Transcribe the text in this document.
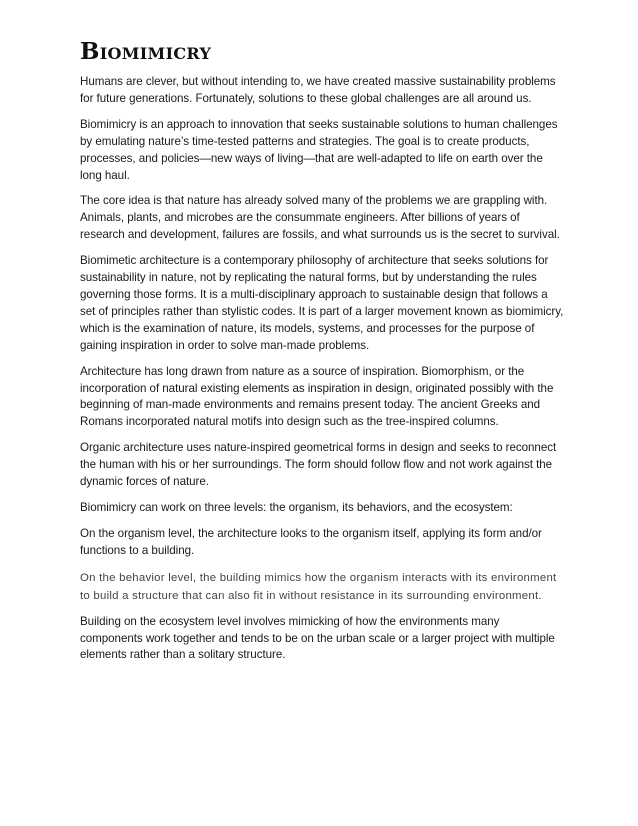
Biomimicry

Humans are clever, but without intending to, we have created massive sustainability problems for future generations. Fortunately, solutions to these global challenges are all around us.

Biomimicry is an approach to innovation that seeks sustainable solutions to human challenges by emulating nature’s time-tested patterns and strategies. The goal is to create products, processes, and policies—new ways of living—that are well-adapted to life on earth over the long haul.

The core idea is that nature has already solved many of the problems we are grappling with. Animals, plants, and microbes are the consummate engineers. After billions of years of research and development, failures are fossils, and what surrounds us is the secret to survival.

Biomimetic architecture is a contemporary philosophy of architecture that seeks solutions for sustainability in nature, not by replicating the natural forms, but by understanding the rules governing those forms. It is a multi-disciplinary approach to sustainable design that follows a set of principles rather than stylistic codes. It is part of a larger movement known as biomimicry, which is the examination of nature, its models, systems, and processes for the purpose of gaining inspiration in order to solve man-made problems.

Architecture has long drawn from nature as a source of inspiration. Biomorphism, or the incorporation of natural existing elements as inspiration in design, originated possibly with the beginning of man-made environments and remains present today. The ancient Greeks and Romans incorporated natural motifs into design such as the tree-inspired columns.

Organic architecture uses nature-inspired geometrical forms in design and seeks to reconnect the human with his or her surroundings. The form should follow flow and not work against the dynamic forces of nature.

Biomimicry can work on three levels: the organism, its behaviors, and the ecosystem:

On the organism level, the architecture looks to the organism itself, applying its form and/or functions to a building.

On the behavior level, the building mimics how the organism interacts with its environment to build a structure that can also fit in without resistance in its surrounding environment.

Building on the ecosystem level involves mimicking of how the environments many components work together and tends to be on the urban scale or a larger project with multiple elements rather than a solitary structure.
